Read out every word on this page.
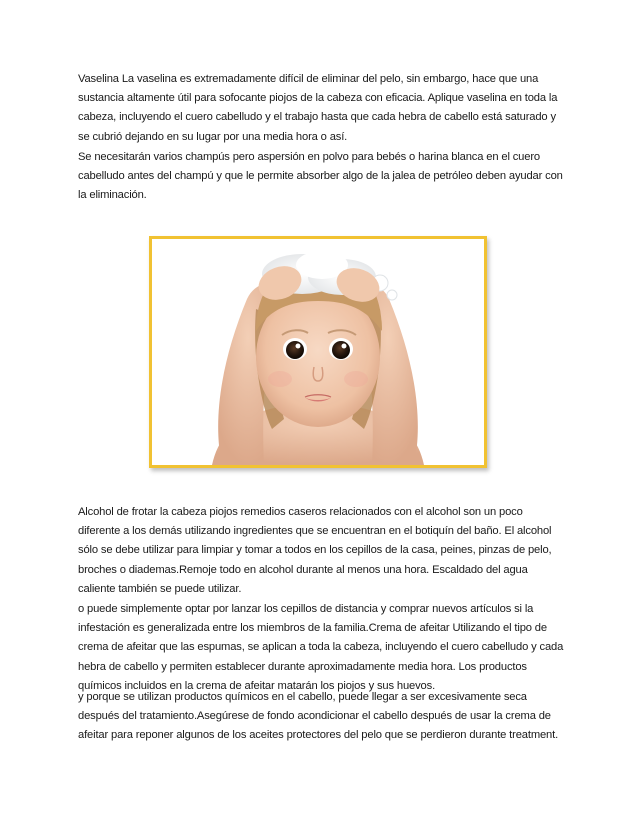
Vaselina La vaselina es extremadamente difícil de eliminar del pelo, sin embargo, hace que una sustancia altamente útil para sofocante piojos de la cabeza con eficacia. Aplique vaselina en toda la cabeza, incluyendo el cuero cabelludo y el trabajo hasta que cada hebra de cabello está saturado y se cubrió dejando en su lugar por una media hora o así.

Se necesitarán varios champús pero aspersión en polvo para bebés o harina blanca en el cuero cabelludo antes del champú y que le permite absorber algo de la jalea de petróleo deben ayudar con la eliminación.

Alcohol de frotar la cabeza piojos remedios caseros relacionados con el alcohol son un poco diferente a los demás utilizando ingredientes que se encuentran en el botiquín del baño. El alcohol sólo se debe utilizar para limpiar y tomar a todos en los cepillos de la casa, peines, pinzas de pelo, broches o diademas.Remoje todo en alcohol durante al menos una hora. Escaldado del agua caliente también se puede utilizar.

o puede simplemente optar por lanzar los cepillos de distancia y comprar nuevos artículos si la infestación es generalizada entre los miembros de la familia.Crema de afeitar Utilizando el tipo de crema de afeitar que las espumas, se aplican a toda la cabeza, incluyendo el cuero cabelludo y cada hebra de cabello y permiten establecer durante aproximadamente media hora. Los productos químicos incluidos en la crema de afeitar matarán los piojos y sus huevos.

y porque se utilizan productos químicos en el cabello, puede llegar a ser excesivamente seca después del tratamiento.Asegúrese de fondo acondicionar el cabello después de usar la crema de afeitar para reponer algunos de los aceites protectores del pelo que se perdieron durante treatment.
